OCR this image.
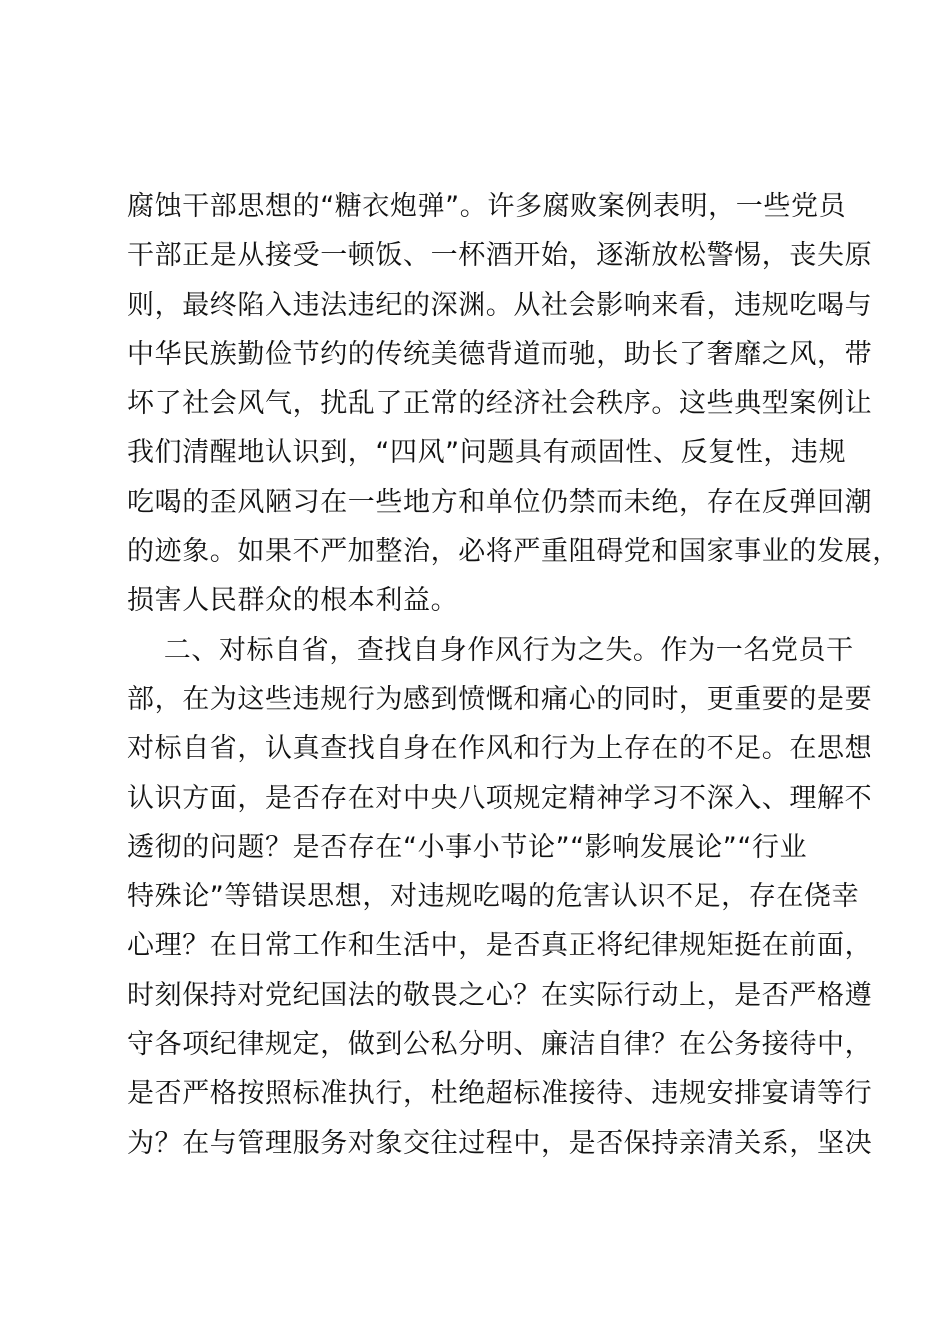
腐蚀干部思想的“糖衣炮弹”。许多腐败案例表明，一些党员
干部正是从接受一顿饭、一杯酒开始，逐渐放松警惕，丧失原
则，最终陷入违法违纪的深渊。从社会影响来看，违规吃喝与
中华民族勤俭节约的传统美德背道而驰，助长了奢靡之风，带
坏了社会风气，扰乱了正常的经济社会秩序。这些典型案例让
我们清醒地认识到，“四风”问题具有顽固性、反复性，违规
吃喝的歪风陋习在一些地方和单位仍禁而未绝，存在反弹回潮
的迹象。如果不严加整治，必将严重阻碍党和国家事业的发展，
损害人民群众的根本利益。
二、对标自省，查找自身作风行为之失。作为一名党员干
部，在为这些违规行为感到愤慨和痛心的同时，更重要的是要
对标自省，认真查找自身在作风和行为上存在的不足。在思想
认识方面，是否存在对中央八项规定精神学习不深入、理解不
透彻的问题？是否存在“小事小节论”“影响发展论”“行业
特殊论”等错误思想，对违规吃喝的危害认识不足，存在侥幸
心理？在日常工作和生活中，是否真正将纪律规矩挺在前面，
时刻保持对党纪国法的敬畏之心？在实际行动上，是否严格遵
守各项纪律规定，做到公私分明、廉洁自律？在公务接待中，
是否严格按照标准执行，杜绝超标准接待、违规安排宴请等行
为？在与管理服务对象交往过程中，是否保持亲清关系，坚决
